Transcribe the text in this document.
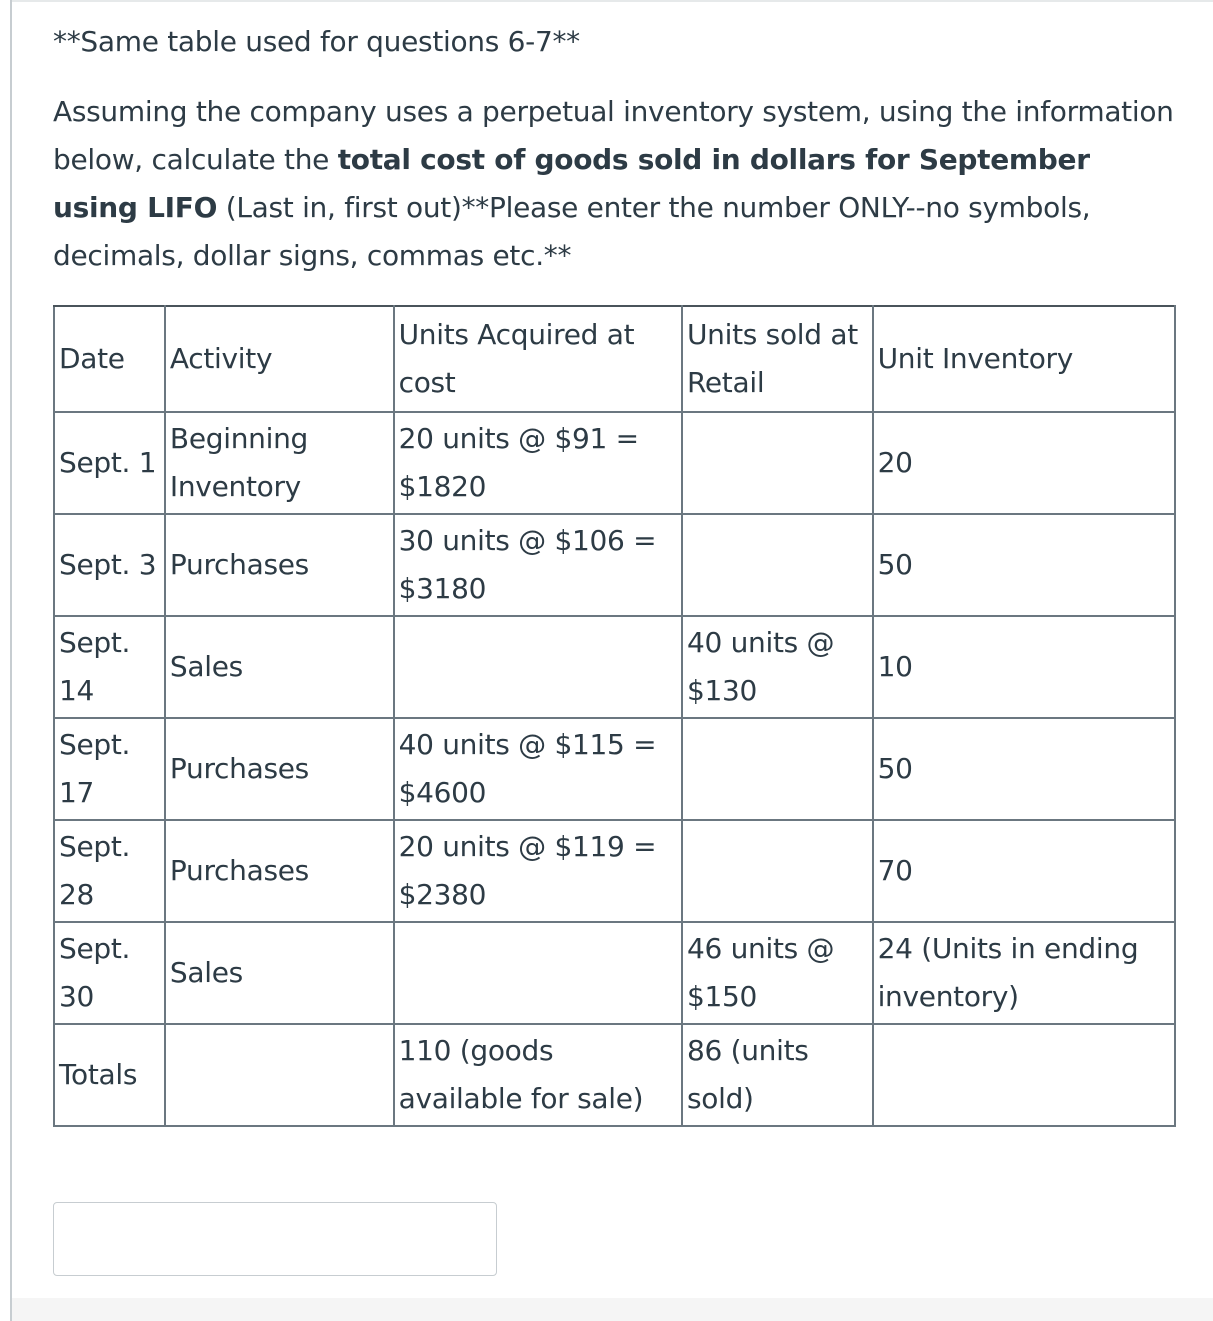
**Same table used for questions 6-7**

Assuming the company uses a perpetual inventory system, using the information below, calculate the total cost of goods sold in dollars for September using LIFO (Last in, first out)**Please enter the number ONLY--no symbols, decimals, dollar signs, commas etc.**

Date	Activity	Units Acquired at cost	Units sold at Retail	Unit Inventory
Sept. 1	Beginning Inventory	20 units @ $91 = $1820		20
Sept. 3	Purchases	30 units @ $106 = $3180		50
Sept. 14	Sales		40 units @ $130	10
Sept. 17	Purchases	40 units @ $115 = $4600		50
Sept. 28	Purchases	20 units @ $119 = $2380		70
Sept. 30	Sales		46 units @ $150	24 (Units in ending inventory)
Totals		110 (goods available for sale)	86 (units sold)	
